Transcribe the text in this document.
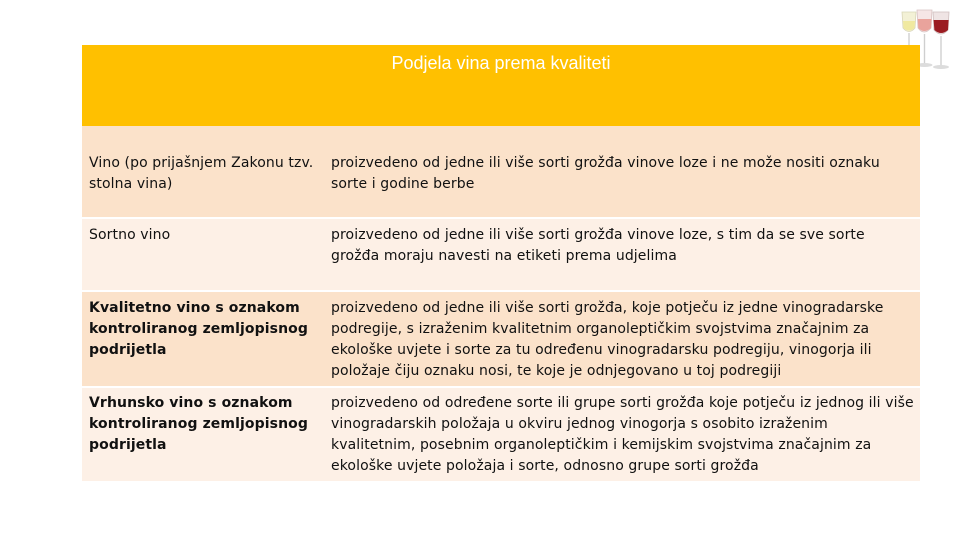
Podjela vina prema kvaliteti	
Vino (po prijašnjem Zakonu tzv. stolna vina)	proizvedeno od jedne ili više sorti grožđa vinove loze i ne može nositi oznaku sorte i godine berbe
Sortno vino	proizvedeno od jedne ili više sorti grožđa vinove loze, s tim da se sve sorte grožđa moraju navesti na etiketi prema udjelima
Kvalitetno vino s oznakom kontroliranog zemljopisnog podrijetla	proizvedeno od jedne ili više sorti grožđa, koje potječu iz jedne vinogradarske podregije, s izraženim kvalitetnim organoleptičkim svojstvima značajnim za ekološke uvjete i sorte za tu određenu vinogradarsku podregiju, vinogorja ili položaje čiju oznaku nosi, te koje je odnjegovano u toj podregiji
Vrhunsko vino s oznakom kontroliranog zemljopisnog podrijetla	proizvedeno od određene sorte ili grupe sorti grožđa koje potječu iz jednog ili više vinogradarskih položaja u okviru jednog vinogorja s osobito izraženim kvalitetnim, posebnim organoleptičkim i kemijskim svojstvima značajnim za ekološke uvjete položaja i sorte, odnosno grupe sorti grožđa
